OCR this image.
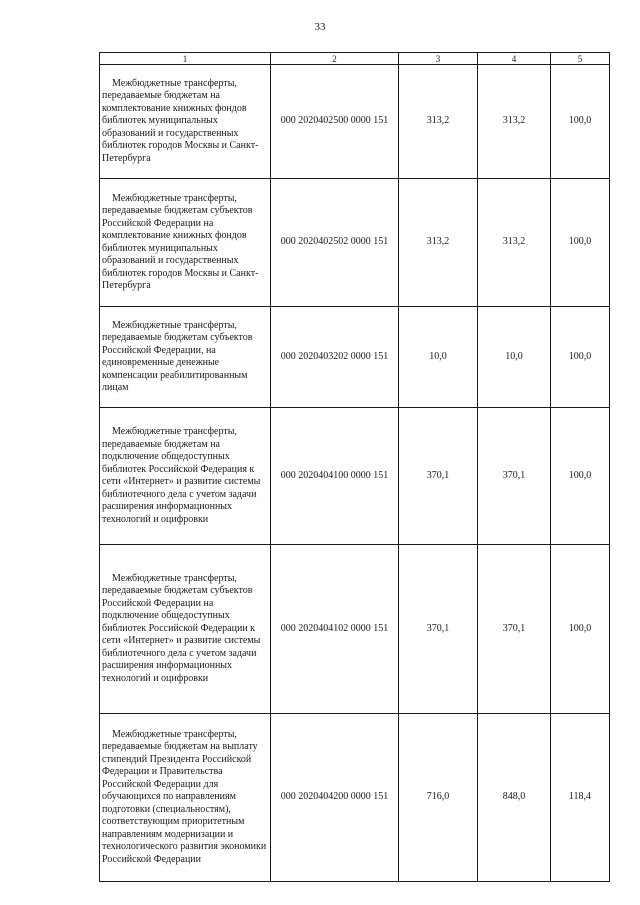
33
1	2	3	4	5
Межбюджетные трансферты, передаваемые бюджетам на комплектование книжных фондов библиотек муниципальных образований и государственных библиотек городов Москвы и Санкт-Петербурга	000 2020402500 0000 151	313,2	313,2	100,0
Межбюджетные трансферты, передаваемые бюджетам субъектов Российской Федерации на комплектование книжных фондов библиотек муниципальных образований и государственных библиотек городов Москвы и Санкт-Петербурга	000 2020402502 0000 151	313,2	313,2	100,0
Межбюджетные трансферты, передаваемые бюджетам субъектов Российской Федерации, на единовременные денежные компенсации реабилитированным лицам	000 2020403202 0000 151	10,0	10,0	100,0
Межбюджетные трансферты, передаваемые бюджетам на подключение общедоступных библиотек Российской Федерация к сети «Интернет» и развитие системы библиотечного дела с учетом задачи расширения информационных технологий и оцифровки	000 2020404100 0000 151	370,1	370,1	100,0
Межбюджетные трансферты, передаваемые бюджетам субъектов Российской Федерации на подключение общедоступных библиотек Российской Федерации к сети «Интернет» и развитие системы библиотечного дела с учетом задачи расширения информационных технологий и оцифровки	000 2020404102 0000 151	370,1	370,1	100,0
Межбюджетные трансферты, передаваемые бюджетам на выплату стипендий Президента Российской Федерации и Правительства Российской Федерации для обучающихся по направлениям подготовки (специальностям), соответствующим приоритетным направлениям модернизации и технологического развития экономики Российской Федерации	000 2020404200 0000 151	716,0	848,0	118,4
